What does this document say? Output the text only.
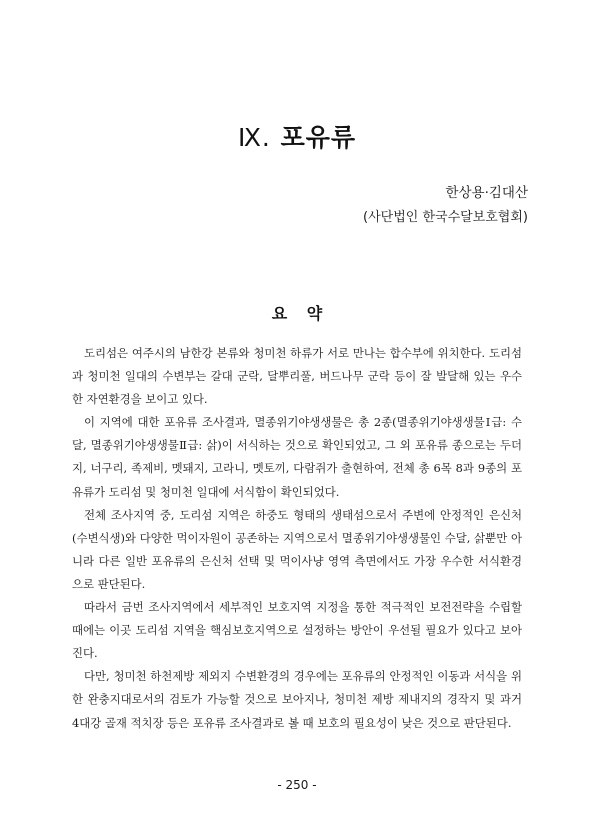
Ⅸ. 포유류
한상용·김대산
(사단법인 한국수달보호협회)
요 약

도리섬은 여주시의 남한강 본류와 청미천 하류가 서로 만나는 합수부에 위치한다. 도리섬과 청미천 일대의 수변부는 갈대 군락, 달뿌리풀, 버드나무 군락 등이 잘 발달해 있는 우수한 자연환경을 보이고 있다.

이 지역에 대한 포유류 조사결과, 멸종위기야생생물은 총 2종(멸종위기야생생물Ⅰ급: 수달, 멸종위기야생생물Ⅱ급: 삵)이 서식하는 것으로 확인되었고, 그 외 포유류 종으로는 두더지, 너구리, 족제비, 멧돼지, 고라니, 멧토끼, 다람쥐가 출현하여, 전체 총 6목 8과 9종의 포유류가 도리섬 및 청미천 일대에 서식함이 확인되었다.

전체 조사지역 중, 도리섬 지역은 하중도 형태의 생태섬으로서 주변에 안정적인 은신처(수변식생)와 다양한 먹이자원이 공존하는 지역으로서 멸종위기야생생물인 수달, 삵뿐만 아니라 다른 일반 포유류의 은신처 선택 및 먹이사냥 영역 측면에서도 가장 우수한 서식환경으로 판단된다.

따라서 금번 조사지역에서 세부적인 보호지역 지정을 통한 적극적인 보전전략을 수립할 때에는 이곳 도리섬 지역을 핵심보호지역으로 설정하는 방안이 우선될 필요가 있다고 보아진다.

다만, 청미천 하천제방 제외지 수변환경의 경우에는 포유류의 안정적인 이동과 서식을 위한 완충지대로서의 검토가 가능할 것으로 보아지나, 청미천 제방 제내지의 경작지 및 과거 4대강 골재 적치장 등은 포유류 조사결과로 볼 때 보호의 필요성이 낮은 것으로 판단된다.

- 250 -
